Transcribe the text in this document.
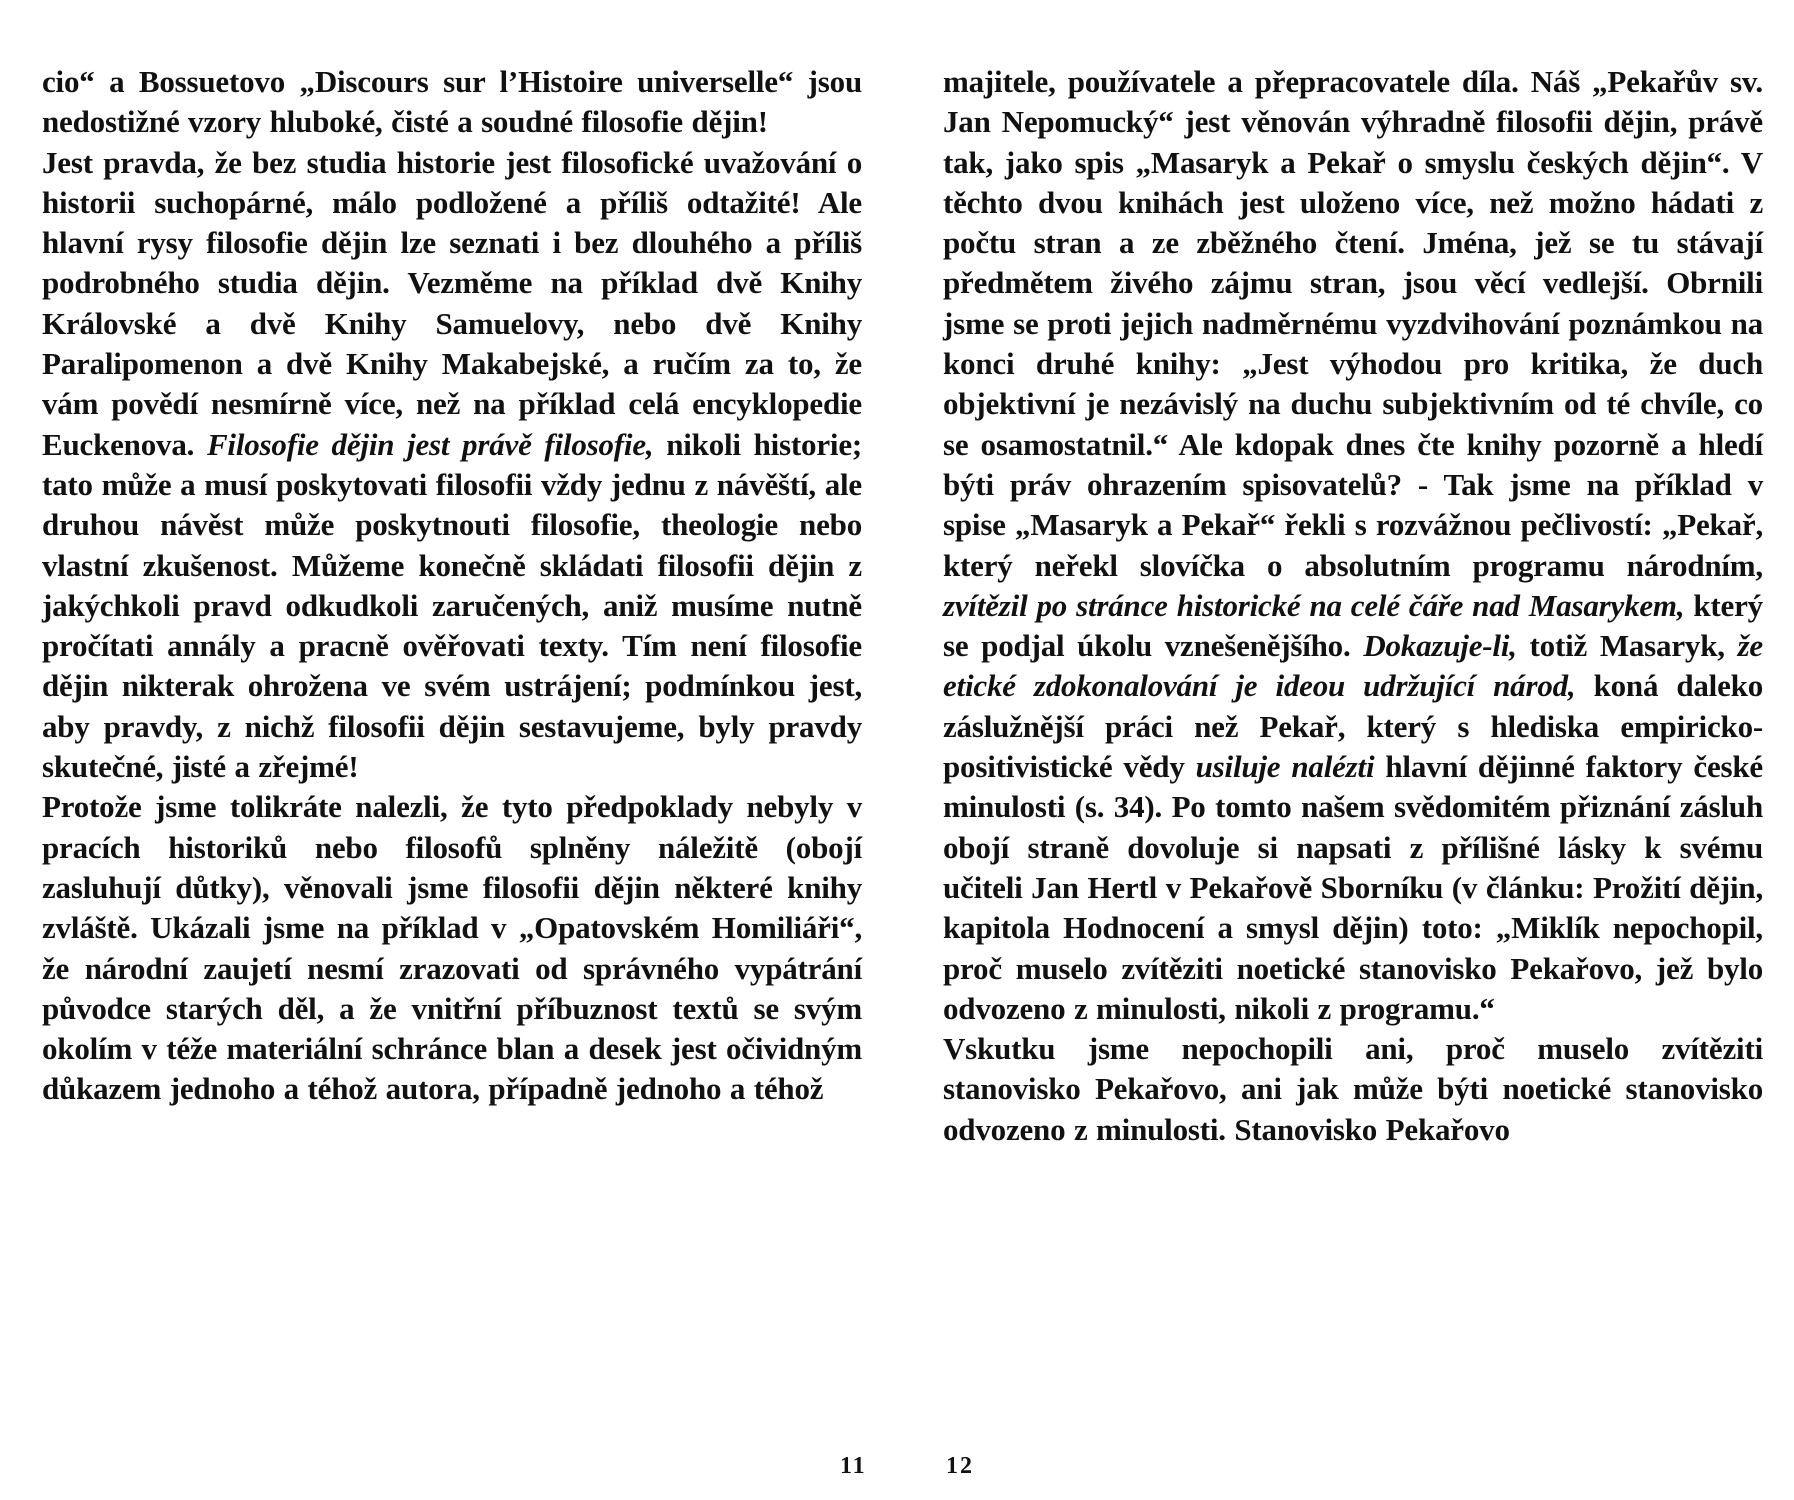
cio“ a Bossuetovo „Discours sur l’Histoire universelle“ jsou nedostižné vzory hluboké, čisté a soudné filosofie dějin!

Jest pravda, že bez studia historie jest filosofické uvažování o historii suchopárné, málo podložené a příliš odtažité! Ale hlavní rysy filosofie dějin lze seznati i bez dlouhého a příliš podrobného studia dějin. Vezměme na příklad dvě Knihy Královské a dvě Knihy Samuelovy, nebo dvě Knihy Paralipomenon a dvě Knihy Makabejské, a ručím za to, že vám povědí nesmírně více, než na příklad celá encyklopedie Euckenova. Filosofie dějin jest právě filosofie, nikoli historie; tato může a musí poskytovati filosofii vždy jednu z návěští, ale druhou návěst může poskytnouti filosofie, theologie nebo vlastní zkušenost. Můžeme konečně skládati filosofii dějin z jakýchkoli pravd odkudkoli zaručených, aniž musíme nutně pročítati annály a pracně ověřovati texty. Tím není filosofie dějin nikterak ohrožena ve svém ustrájení; podmínkou jest, aby pravdy, z nichž filosofii dějin sestavujeme, byly pravdy skutečné, jisté a zřejmé!

Protože jsme tolikráte nalezli, že tyto předpoklady nebyly v pracích historiků nebo filosofů splněny náležitě (obojí zasluhují důtky), věnovali jsme filosofii dějin některé knihy zvláště. Ukázali jsme na příklad v „Opatovském Homiliáři“, že národní zaujetí nesmí zrazovati od správného vypátrání původce starých děl, a že vnitřní příbuznost textů se svým okolím v téže materiální schránce blan a desek jest očividným důkazem jednoho a téhož autora, případně jednoho a téhož

majitele, používatele a přepracovatele díla. Náš „Pekařův sv. Jan Nepomucký“ jest věnován výhradně filosofii dějin, právě tak, jako spis „Masaryk a Pekař o smyslu českých dějin“. V těchto dvou knihách jest uloženo více, než možno hádati z počtu stran a ze zběžného čtení. Jména, jež se tu stávají předmětem živého zájmu stran, jsou věcí vedlejší. Obrnili jsme se proti jejich nadměrnému vyzdvihování poznámkou na konci druhé knihy: „Jest výhodou pro kritika, že duch objektivní je nezávislý na duchu subjektivním od té chvíle, co se osamostatnil.“ Ale kdopak dnes čte knihy pozorně a hledí býti práv ohrazením spisovatelů? - Tak jsme na příklad v spise „Masaryk a Pekař“ řekli s rozvážnou pečlivostí: „Pekař, který neřekl slovíčka o absolutním programu národním, zvítězil po stránce historické na celé čáře nad Masarykem, který se podjal úkolu vznešenějšího. Dokazuje-li, totiž Masaryk, že etické zdokonalování je ideou udržující národ, koná daleko záslužnější práci než Pekař, který s hlediska empiricko-positivistické vědy usiluje nalézti hlavní dějinné faktory české minulosti (s. 34). Po tomto našem svědomitém přiznání zásluh obojí straně dovoluje si napsati z přílišné lásky k svému učiteli Jan Hertl v Pekařově Sborníku (v článku: Prožití dějin, kapitola Hodnocení a smysl dějin) toto: „Miklík nepochopil, proč muselo zvítěziti noetické stanovisko Pekařovo, jež bylo odvozeno z minulosti, nikoli z programu.“

Vskutku jsme nepochopili ani, proč muselo zvítěziti stanovisko Pekařovo, ani jak může býti noetické stanovisko odvozeno z minulosti. Stanovisko Pekařovo

11	12
